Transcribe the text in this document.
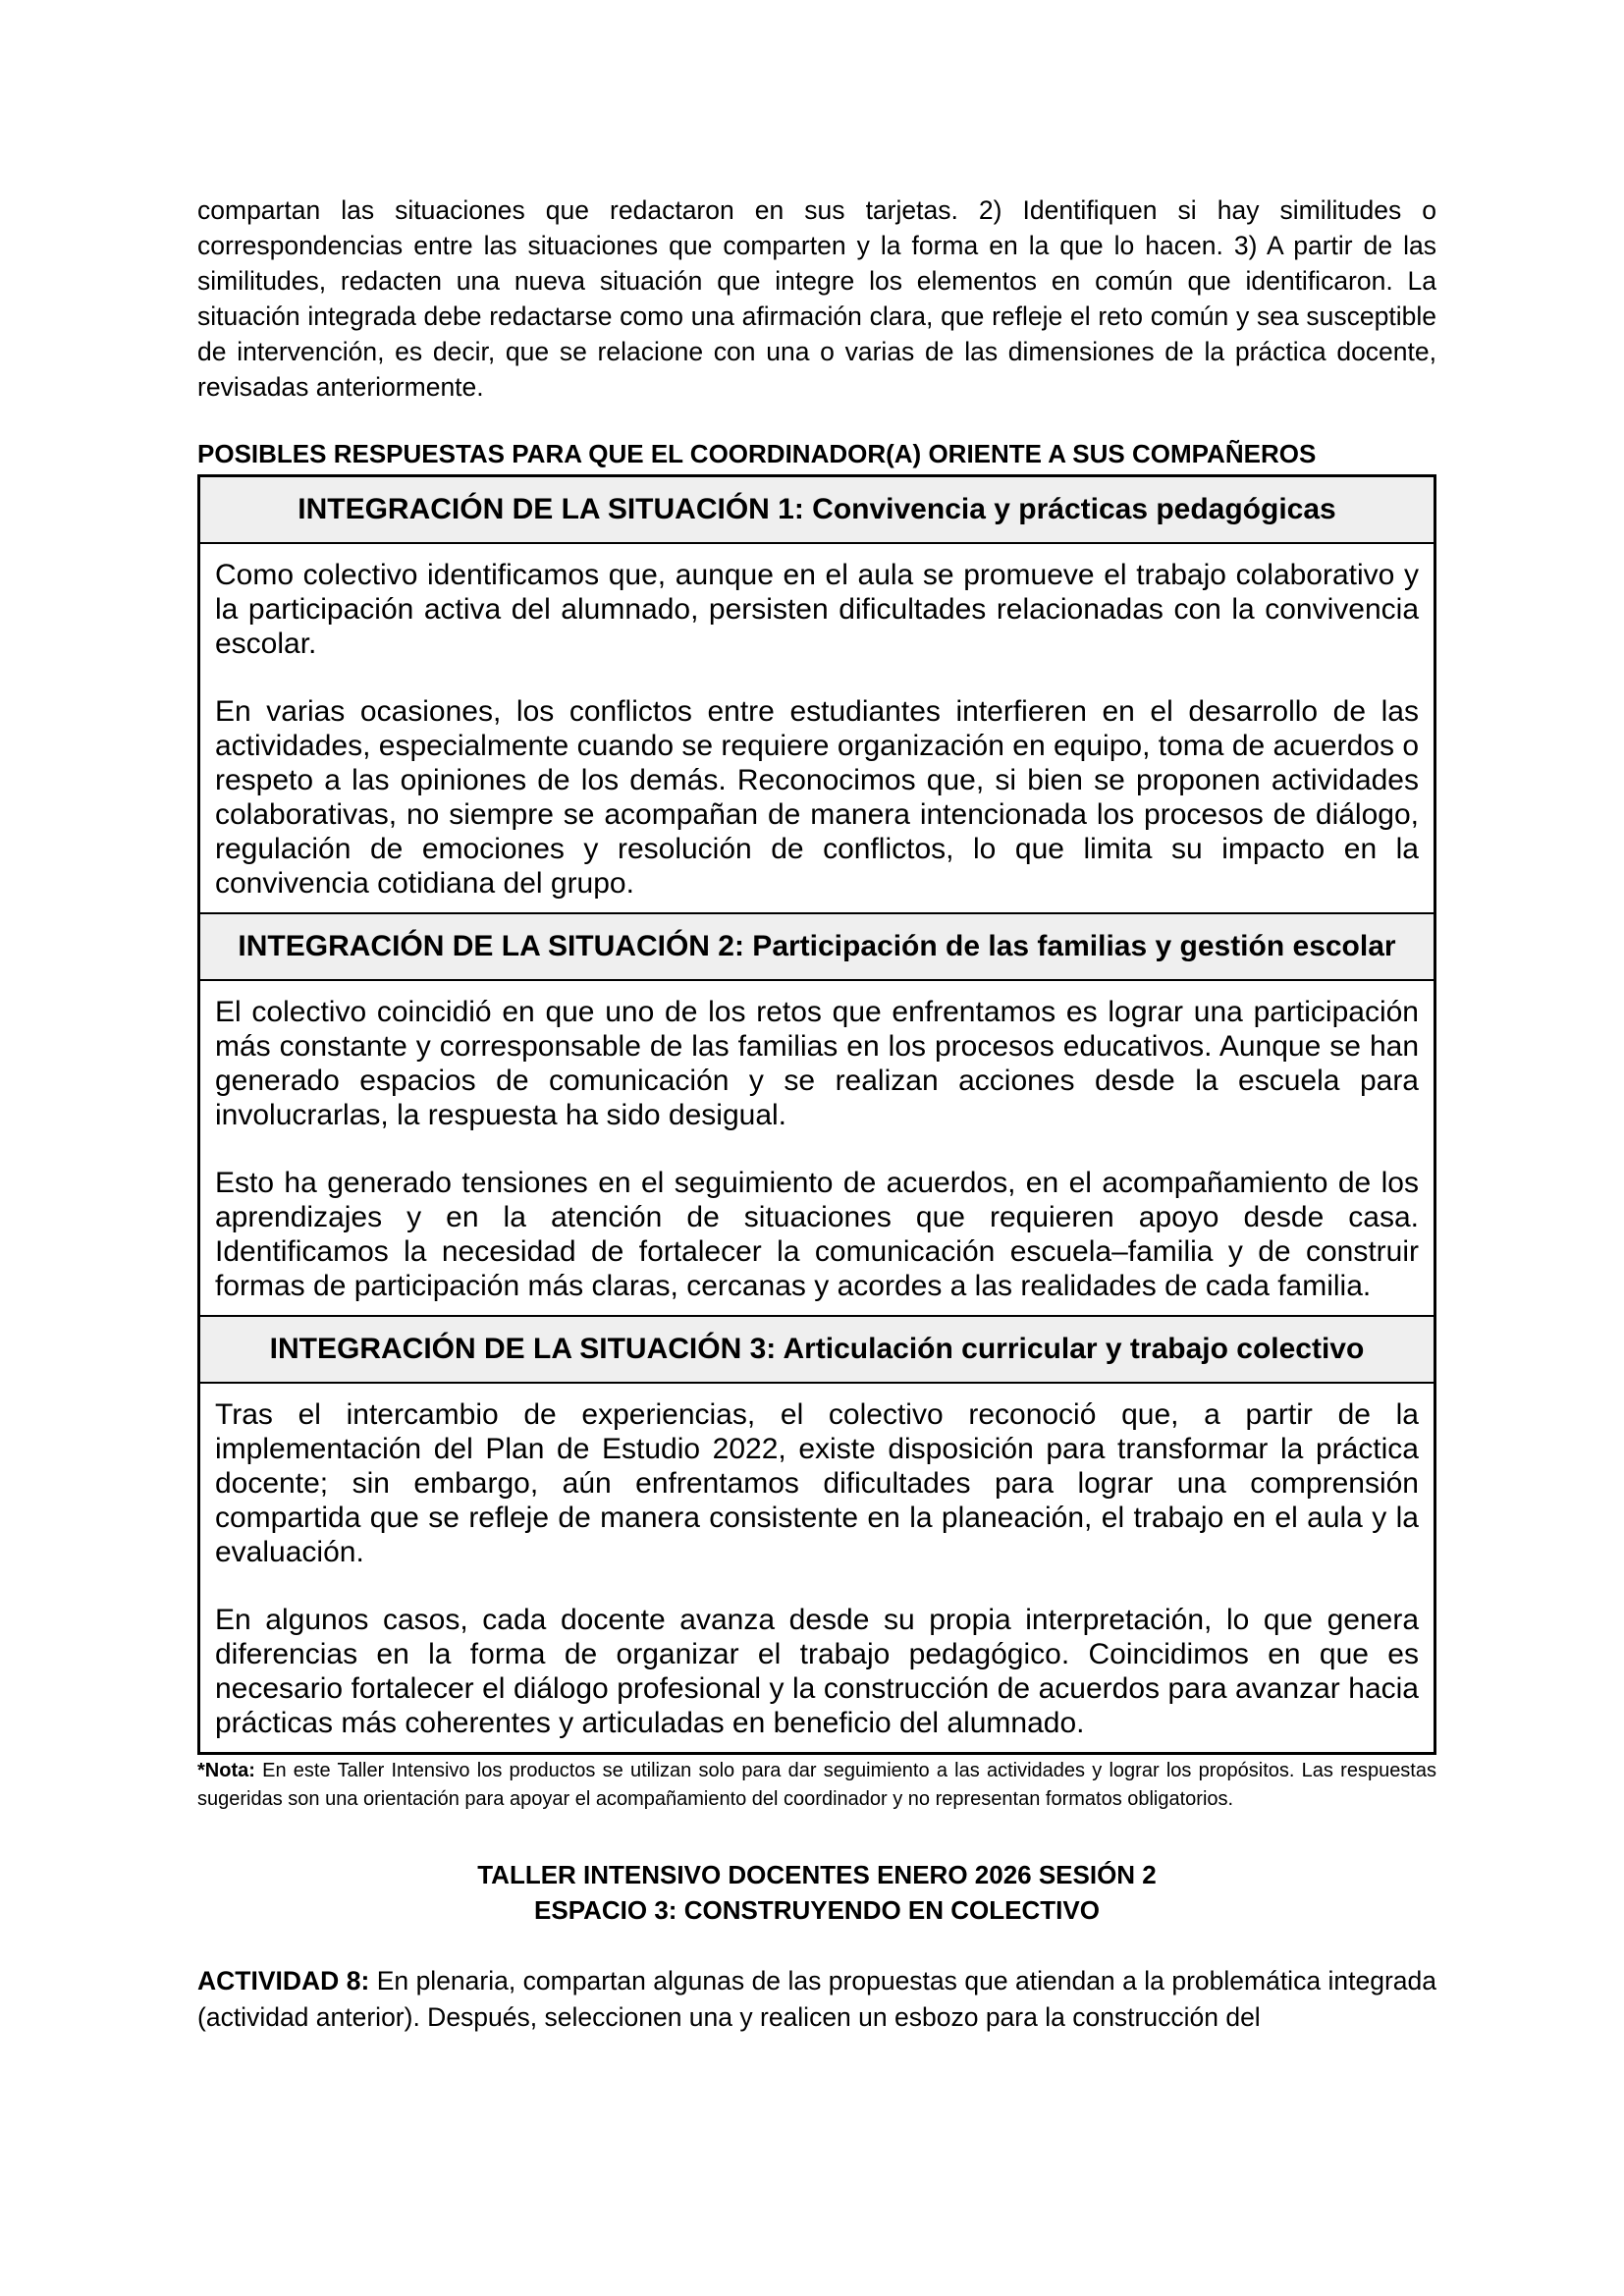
compartan las situaciones que redactaron en sus tarjetas. 2) Identifiquen si hay similitudes o correspondencias entre las situaciones que comparten y la forma en la que lo hacen. 3) A partir de las similitudes, redacten una nueva situación que integre los elementos en común que identificaron. La situación integrada debe redactarse como una afirmación clara, que refleje el reto común y sea susceptible de intervención, es decir, que se relacione con una o varias de las dimensiones de la práctica docente, revisadas anteriormente.

POSIBLES RESPUESTAS PARA QUE EL COORDINADOR(A) ORIENTE A SUS COMPAÑEROS
INTEGRACIÓN DE LA SITUACIÓN 1: Convivencia y prácticas pedagógicas

Como colectivo identificamos que, aunque en el aula se promueve el trabajo colaborativo y la participación activa del alumnado, persisten dificultades relacionadas con la convivencia escolar.

En varias ocasiones, los conflictos entre estudiantes interfieren en el desarrollo de las actividades, especialmente cuando se requiere organización en equipo, toma de acuerdos o respeto a las opiniones de los demás. Reconocimos que, si bien se proponen actividades colaborativas, no siempre se acompañan de manera intencionada los procesos de diálogo, regulación de emociones y resolución de conflictos, lo que limita su impacto en la convivencia cotidiana del grupo.

INTEGRACIÓN DE LA SITUACIÓN 2: Participación de las familias y gestión escolar

El colectivo coincidió en que uno de los retos que enfrentamos es lograr una participación más constante y corresponsable de las familias en los procesos educativos. Aunque se han generado espacios de comunicación y se realizan acciones desde la escuela para involucrarlas, la respuesta ha sido desigual.

Esto ha generado tensiones en el seguimiento de acuerdos, en el acompañamiento de los aprendizajes y en la atención de situaciones que requieren apoyo desde casa. Identificamos la necesidad de fortalecer la comunicación escuela–familia y de construir formas de participación más claras, cercanas y acordes a las realidades de cada familia.

INTEGRACIÓN DE LA SITUACIÓN 3: Articulación curricular y trabajo colectivo

Tras el intercambio de experiencias, el colectivo reconoció que, a partir de la implementación del Plan de Estudio 2022, existe disposición para transformar la práctica docente; sin embargo, aún enfrentamos dificultades para lograr una comprensión compartida que se refleje de manera consistente en la planeación, el trabajo en el aula y la evaluación.

En algunos casos, cada docente avanza desde su propia interpretación, lo que genera diferencias en la forma de organizar el trabajo pedagógico. Coincidimos en que es necesario fortalecer el diálogo profesional y la construcción de acuerdos para avanzar hacia prácticas más coherentes y articuladas en beneficio del alumnado.

*Nota: En este Taller Intensivo los productos se utilizan solo para dar seguimiento a las actividades y lograr los propósitos. Las respuestas sugeridas son una orientación para apoyar el acompañamiento del coordinador y no representan formatos obligatorios.

TALLER INTENSIVO DOCENTES ENERO 2026 SESIÓN 2
ESPACIO 3: CONSTRUYENDO EN COLECTIVO

ACTIVIDAD 8: En plenaria, compartan algunas de las propuestas que atiendan a la problemática integrada (actividad anterior). Después, seleccionen una y realicen un esbozo para la construcción del
